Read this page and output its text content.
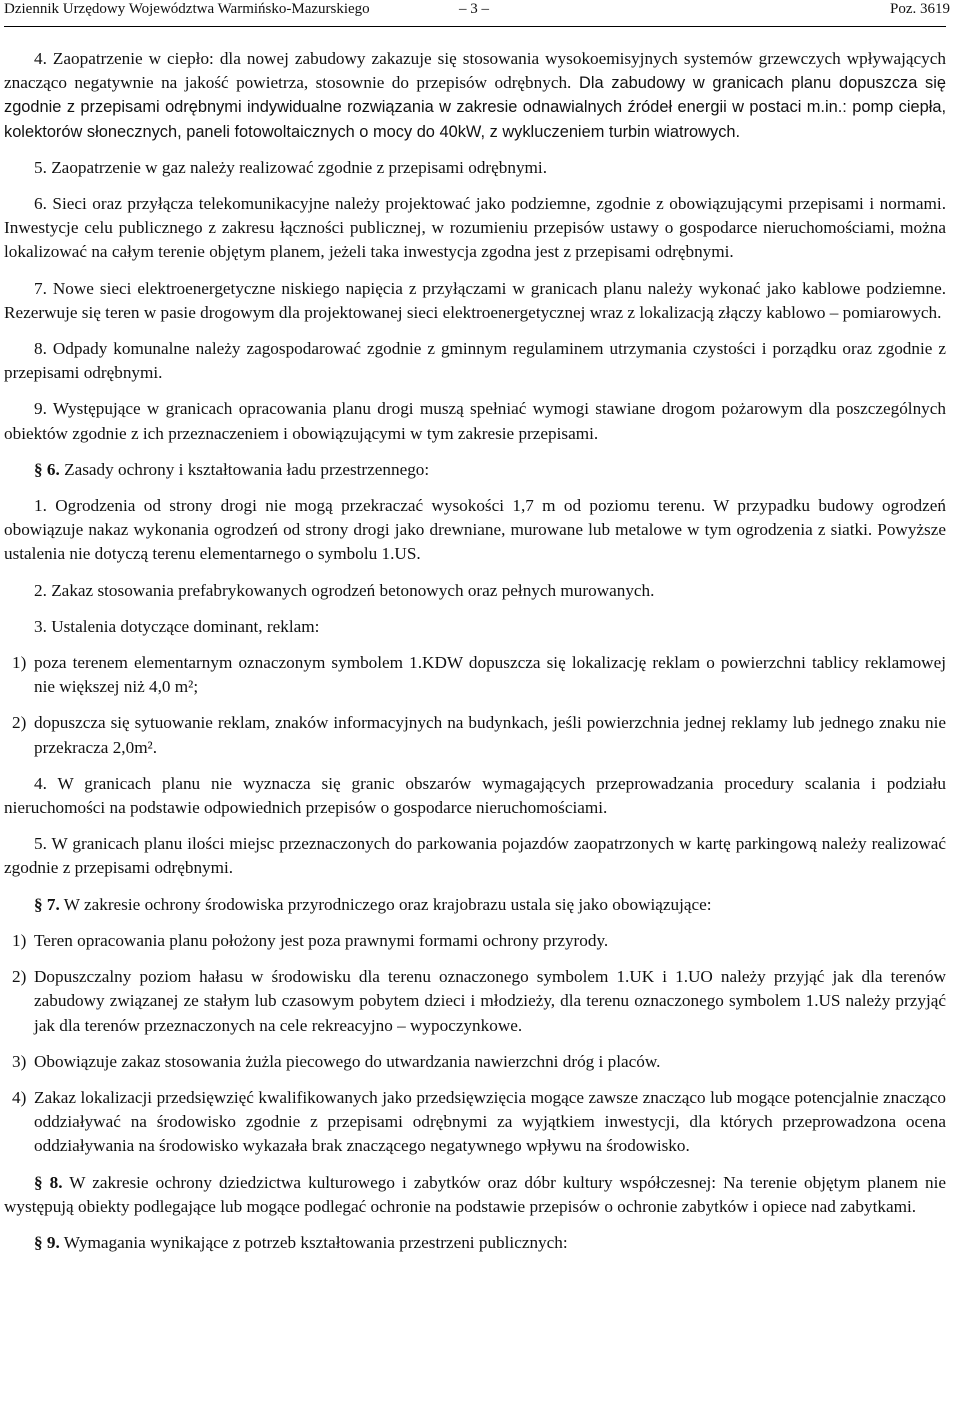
Dziennik Urzędowy Województwa Warmińsko-Mazurskiego	– 3 –	Poz. 3619

4. Zaopatrzenie w ciepło: dla nowej zabudowy zakazuje się stosowania wysokoemisyjnych systemów grzewczych wpływających znacząco negatywnie na jakość powietrza, stosownie do przepisów odrębnych. Dla zabudowy w granicach planu dopuszcza się zgodnie z przepisami odrębnymi indywidualne rozwiązania w zakresie odnawialnych źródeł energii w postaci m.in.: pomp ciepła, kolektorów słonecznych, paneli fotowoltaicznych o mocy do 40kW, z wykluczeniem turbin wiatrowych.

5. Zaopatrzenie w gaz należy realizować zgodnie z przepisami odrębnymi.

6. Sieci oraz przyłącza telekomunikacyjne należy projektować jako podziemne, zgodnie z obowiązującymi przepisami i normami. Inwestycje celu publicznego z zakresu łączności publicznej, w rozumieniu przepisów ustawy o gospodarce nieruchomościami, można lokalizować na całym terenie objętym planem, jeżeli taka inwestycja zgodna jest z przepisami odrębnymi.

7. Nowe sieci elektroenergetyczne niskiego napięcia z przyłączami w granicach planu należy wykonać jako kablowe podziemne. Rezerwuje się teren w pasie drogowym dla projektowanej sieci elektroenergetycznej wraz z lokalizacją złączy kablowo – pomiarowych.

8. Odpady komunalne należy zagospodarować zgodnie z gminnym regulaminem utrzymania czystości i porządku oraz zgodnie z przepisami odrębnymi.

9. Występujące w granicach opracowania planu drogi muszą spełniać wymogi stawiane drogom pożarowym dla poszczególnych obiektów zgodnie z ich przeznaczeniem i obowiązującymi w tym zakresie przepisami.

§ 6. Zasady ochrony i kształtowania ładu przestrzennego:

1. Ogrodzenia od strony drogi nie mogą przekraczać wysokości 1,7 m od poziomu terenu. W przypadku budowy ogrodzeń obowiązuje nakaz wykonania ogrodzeń od strony drogi jako drewniane, murowane lub metalowe w tym ogrodzenia z siatki. Powyższe ustalenia nie dotyczą terenu elementarnego o symbolu 1.US.

2. Zakaz stosowania prefabrykowanych ogrodzeń betonowych oraz pełnych murowanych.

3. Ustalenia dotyczące dominant, reklam:

1) poza terenem elementarnym oznaczonym symbolem 1.KDW dopuszcza się lokalizację reklam o powierzchni tablicy reklamowej nie większej niż 4,0 m²;

2) dopuszcza się sytuowanie reklam, znaków informacyjnych na budynkach, jeśli powierzchnia jednej reklamy lub jednego znaku nie przekracza 2,0m².

4. W granicach planu nie wyznacza się granic obszarów wymagających przeprowadzania procedury scalania i podziału nieruchomości na podstawie odpowiednich przepisów o gospodarce nieruchomościami.

5. W granicach planu ilości miejsc przeznaczonych do parkowania pojazdów zaopatrzonych w kartę parkingową należy realizować zgodnie z przepisami odrębnymi.

§ 7. W zakresie ochrony środowiska przyrodniczego oraz krajobrazu ustala się jako obowiązujące:

1) Teren opracowania planu położony jest poza prawnymi formami ochrony przyrody.

2) Dopuszczalny poziom hałasu w środowisku dla terenu oznaczonego symbolem 1.UK i 1.UO należy przyjąć jak dla terenów zabudowy związanej ze stałym lub czasowym pobytem dzieci i młodzieży, dla terenu oznaczonego symbolem 1.US należy przyjąć jak dla terenów przeznaczonych na cele rekreacyjno – wypoczynkowe.

3) Obowiązuje zakaz stosowania żużla piecowego do utwardzania nawierzchni dróg i placów.

4) Zakaz lokalizacji przedsięwzięć kwalifikowanych jako przedsięwzięcia mogące zawsze znacząco lub mogące potencjalnie znacząco oddziaływać na środowisko zgodnie z przepisami odrębnymi za wyjątkiem inwestycji, dla których przeprowadzona ocena oddziaływania na środowisko wykazała brak znaczącego negatywnego wpływu na środowisko.

§ 8. W zakresie ochrony dziedzictwa kulturowego i zabytków oraz dóbr kultury współczesnej: Na terenie objętym planem nie występują obiekty podlegające lub mogące podlegać ochronie na podstawie przepisów o ochronie zabytków i opiece nad zabytkami.

§ 9. Wymagania wynikające z potrzeb kształtowania przestrzeni publicznych:
